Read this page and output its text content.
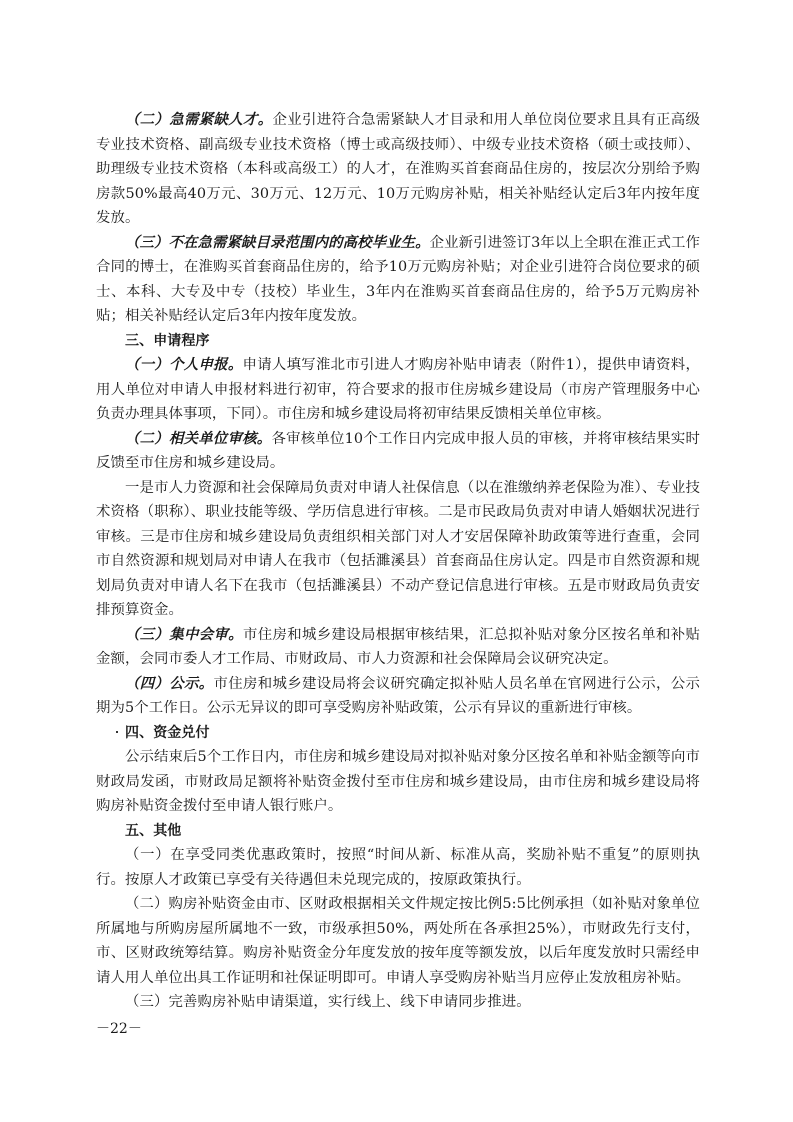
（二）急需紧缺人才。企业引进符合急需紧缺人才目录和用人单位岗位要求且具有正高级专业技术资格、副高级专业技术资格（博士或高级技师）、中级专业技术资格（硕士或技师）、助理级专业技术资格（本科或高级工）的人才，在淮购买首套商品住房的，按层次分别给予购房款50%最高40万元、30万元、12万元、10万元购房补贴，相关补贴经认定后3年内按年度发放。

（三）不在急需紧缺目录范围内的高校毕业生。企业新引进签订3年以上全职在淮正式工作合同的博士，在淮购买首套商品住房的，给予10万元购房补贴；对企业引进符合岗位要求的硕士、本科、大专及中专（技校）毕业生，3年内在淮购买首套商品住房的，给予5万元购房补贴；相关补贴经认定后3年内按年度发放。

三、申请程序

（一）个人申报。申请人填写淮北市引进人才购房补贴申请表（附件1），提供申请资料，用人单位对申请人申报材料进行初审，符合要求的报市住房城乡建设局（市房产管理服务中心负责办理具体事项，下同）。市住房和城乡建设局将初审结果反馈相关单位审核。

（二）相关单位审核。各审核单位10个工作日内完成申报人员的审核，并将审核结果实时反馈至市住房和城乡建设局。

一是市人力资源和社会保障局负责对申请人社保信息（以在淮缴纳养老保险为准）、专业技术资格（职称）、职业技能等级、学历信息进行审核。二是市民政局负责对申请人婚姻状况进行审核。三是市住房和城乡建设局负责组织相关部门对人才安居保障补助政策等进行查重，会同市自然资源和规划局对申请人在我市（包括濉溪县）首套商品住房认定。四是市自然资源和规划局负责对申请人名下在我市（包括濉溪县）不动产登记信息进行审核。五是市财政局负责安排预算资金。

（三）集中会审。市住房和城乡建设局根据审核结果，汇总拟补贴对象分区按名单和补贴金额，会同市委人才工作局、市财政局、市人力资源和社会保障局会议研究决定。

（四）公示。市住房和城乡建设局将会议研究确定拟补贴人员名单在官网进行公示，公示期为5个工作日。公示无异议的即可享受购房补贴政策，公示有异议的重新进行审核。

四、资金兑付

公示结束后5个工作日内，市住房和城乡建设局对拟补贴对象分区按名单和补贴金额等向市财政局发函，市财政局足额将补贴资金拨付至市住房和城乡建设局，由市住房和城乡建设局将购房补贴资金拨付至申请人银行账户。

五、其他

（一）在享受同类优惠政策时，按照“时间从新、标准从高，奖励补贴不重复”的原则执行。按原人才政策已享受有关待遇但未兑现完成的，按原政策执行。

（二）购房补贴资金由市、区财政根据相关文件规定按比例5:5比例承担（如补贴对象单位所属地与所购房屋所属地不一致，市级承担50%，两处所在各承担25%），市财政先行支付，市、区财政统筹结算。购房补贴资金分年度发放的按年度等额发放，以后年度发放时只需经申请人用人单位出具工作证明和社保证明即可。申请人享受购房补贴当月应停止发放租房补贴。

（三）完善购房补贴申请渠道，实行线上、线下申请同步推进。

－22－
